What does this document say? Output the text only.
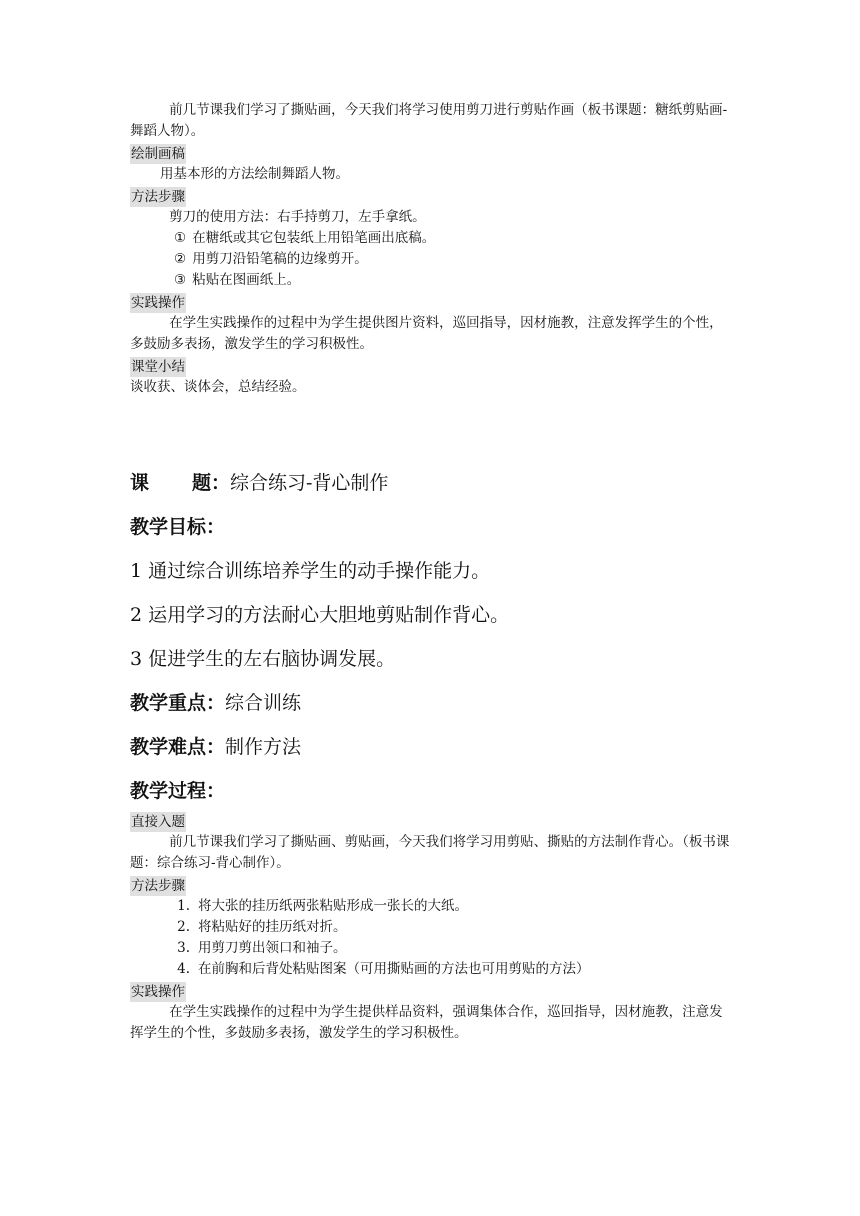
前几节课我们学习了撕贴画，今天我们将学习使用剪刀进行剪贴作画（板书课题：糖纸剪贴画-舞蹈人物）。

绘制画稿

用基本形的方法绘制舞蹈人物。

方法步骤

剪刀的使用方法：右手持剪刀，左手拿纸。

① 在糖纸或其它包装纸上用铅笔画出底稿。

② 用剪刀沿铅笔稿的边缘剪开。

③ 粘贴在图画纸上。

实践操作

在学生实践操作的过程中为学生提供图片资料，巡回指导，因材施教，注意发挥学生的个性，多鼓励多表扬，激发学生的学习积极性。

课堂小结

谈收获、谈体会，总结经验。

课 题：综合练习-背心制作

教学目标：

1 通过综合训练培养学生的动手操作能力。

2 运用学习的方法耐心大胆地剪贴制作背心。

3 促进学生的左右脑协调发展。

教学重点：综合训练

教学难点：制作方法

教学过程：

直接入题

前几节课我们学习了撕贴画、剪贴画，今天我们将学习用剪贴、撕贴的方法制作背心。（板书课题：综合练习-背心制作）。

方法步骤

1. 将大张的挂历纸两张粘贴形成一张长的大纸。
2. 将粘贴好的挂历纸对折。
3. 用剪刀剪出领口和袖子。
4. 在前胸和后背处粘贴图案（可用撕贴画的方法也可用剪贴的方法）

实践操作

在学生实践操作的过程中为学生提供样品资料，强调集体合作，巡回指导，因材施教，注意发挥学生的个性，多鼓励多表扬，激发学生的学习积极性。
